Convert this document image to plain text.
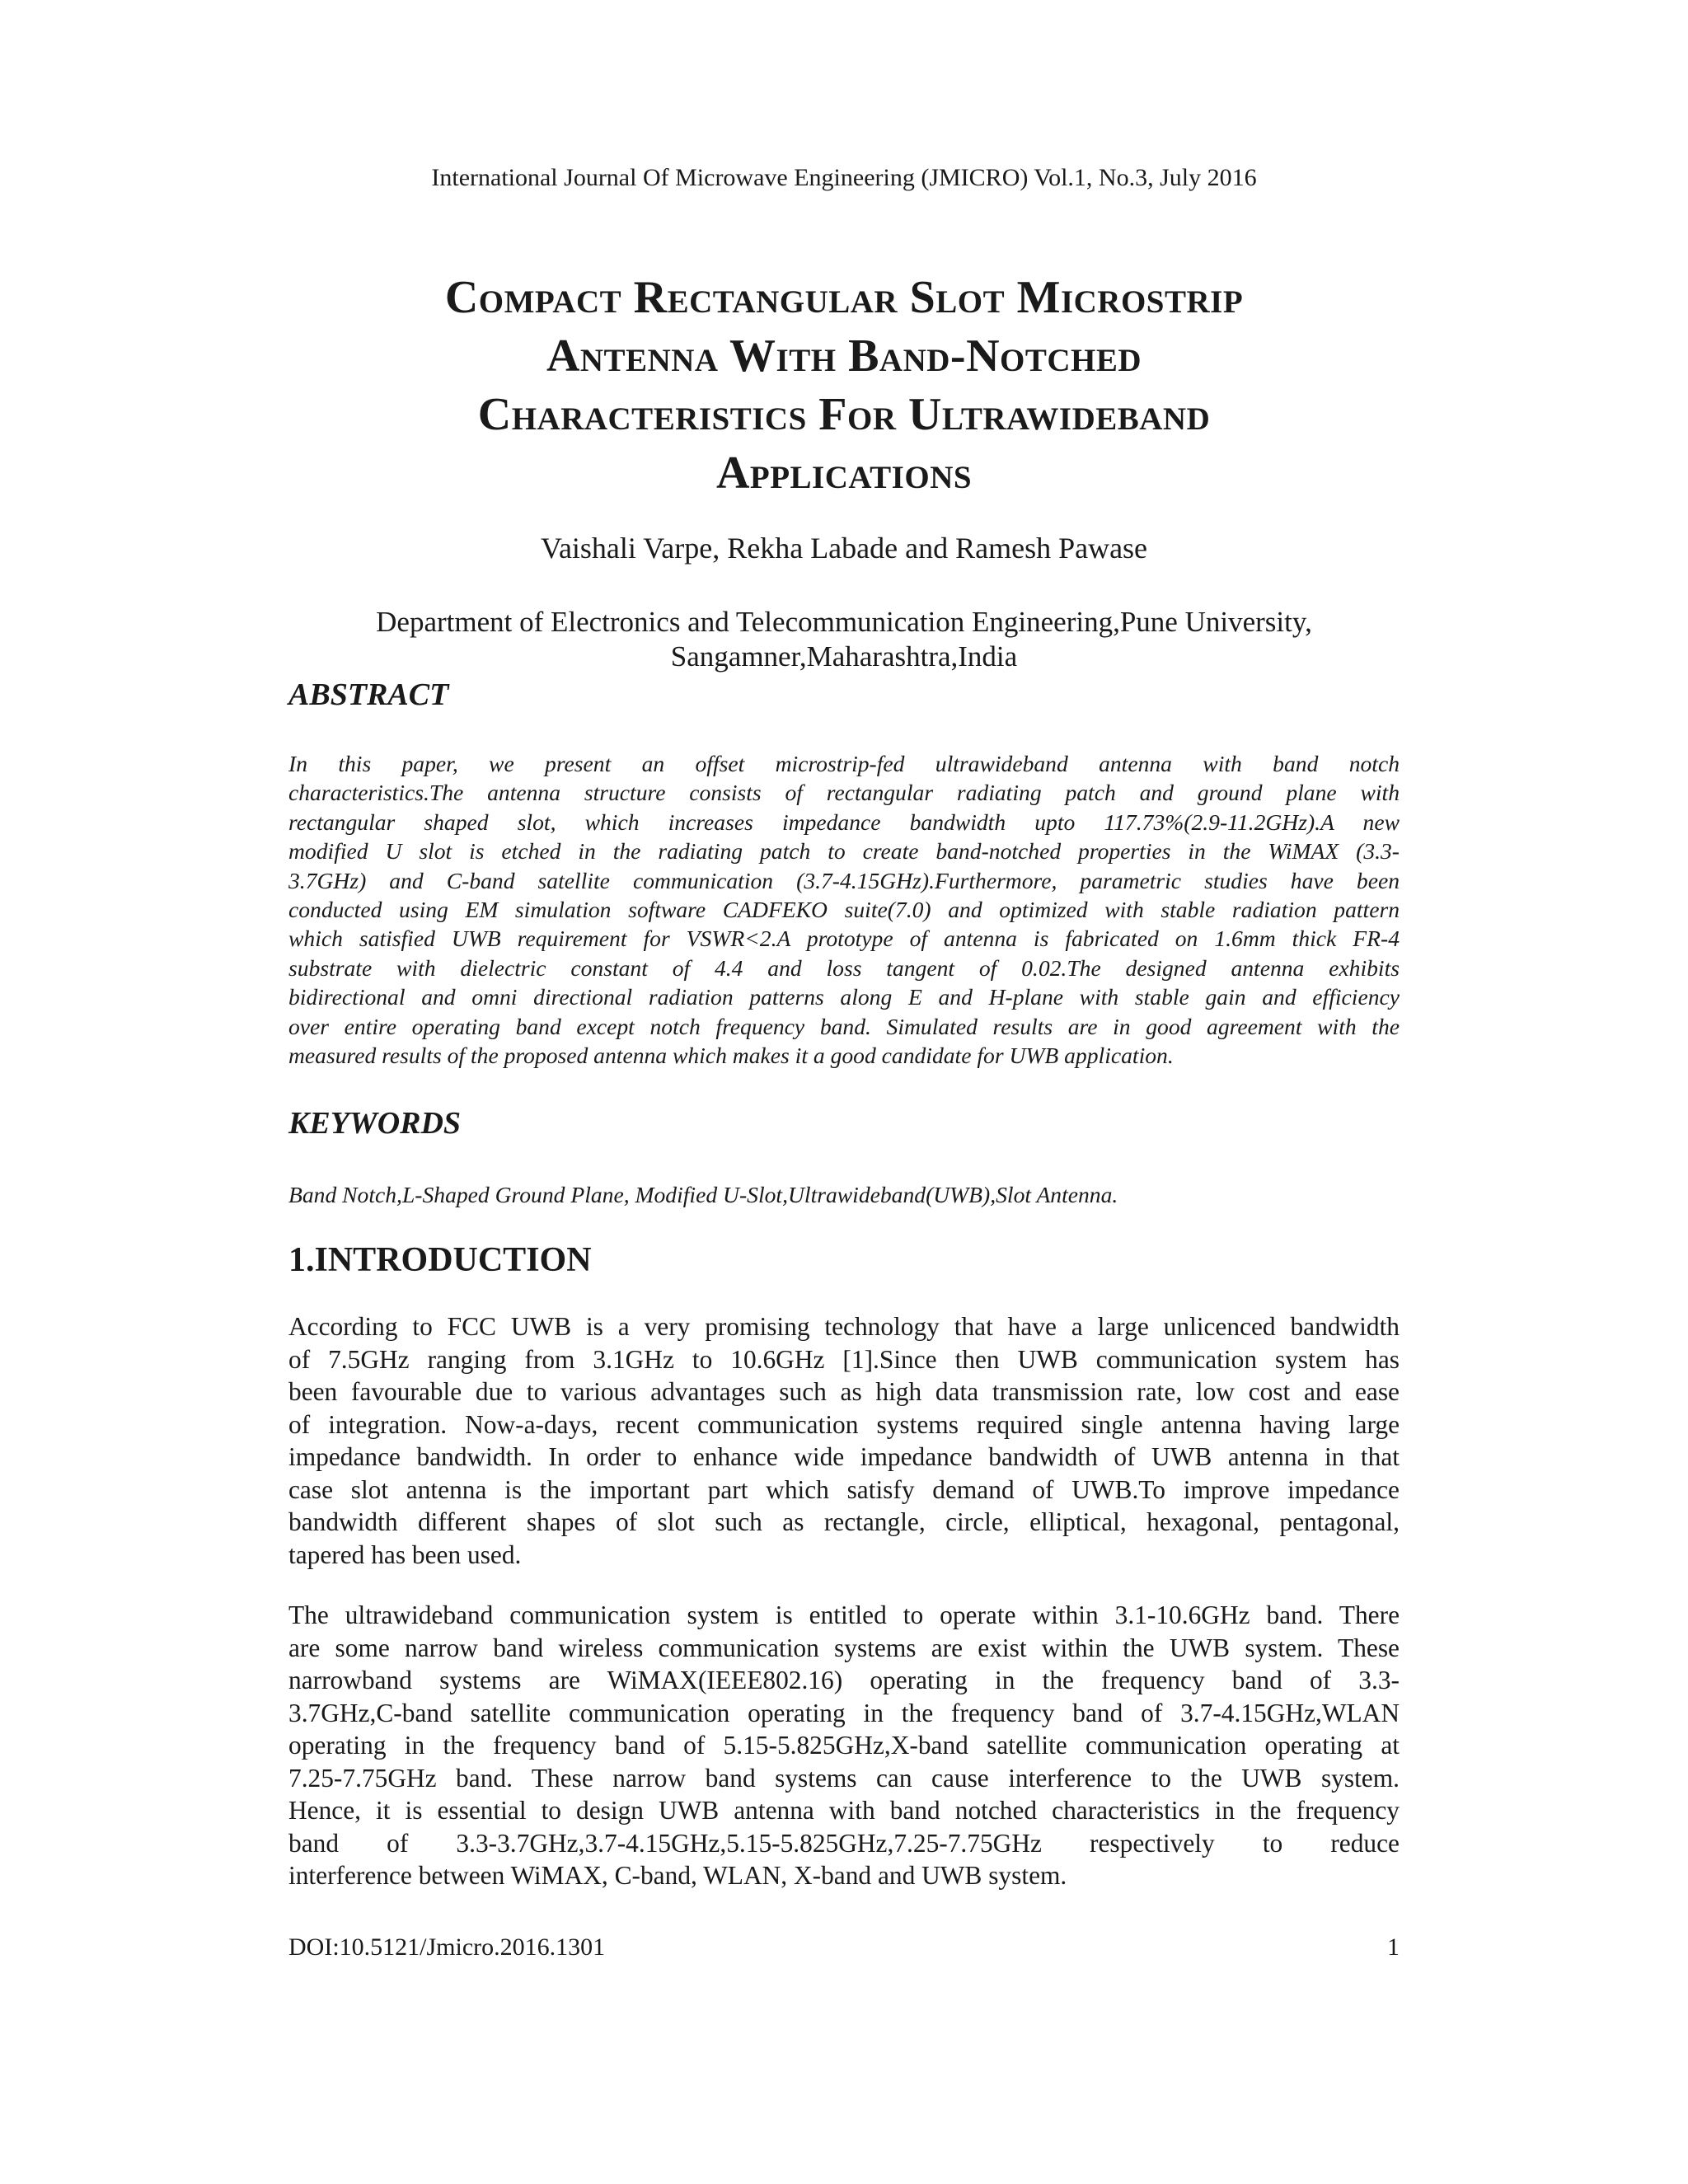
International Journal Of Microwave Engineering (JMICRO) Vol.1, No.3, July 2016
Compact Rectangular Slot Microstrip
Antenna With Band-Notched
Characteristics For Ultrawideband
Applications
Vaishali Varpe, Rekha Labade and Ramesh Pawase
Department of Electronics and Telecommunication Engineering,Pune University,
Sangamner,Maharashtra,India
ABSTRACT
In this paper, we present an offset microstrip-fed ultrawideband antenna with band notch
characteristics.The antenna structure consists of rectangular radiating patch and ground plane with
rectangular shaped slot, which increases impedance bandwidth upto 117.73%(2.9-11.2GHz).A new
modified U slot is etched in the radiating patch to create band-notched properties in the WiMAX (3.3-
3.7GHz) and C-band satellite communication (3.7-4.15GHz).Furthermore, parametric studies have been
conducted using EM simulation software CADFEKO suite(7.0) and optimized with stable radiation pattern
which satisfied UWB requirement for VSWR<2.A prototype of antenna is fabricated on 1.6mm thick FR-4
substrate with dielectric constant of 4.4 and loss tangent of 0.02.The designed antenna exhibits
bidirectional and omni directional radiation patterns along E and H-plane with stable gain and efficiency
over entire operating band except notch frequency band. Simulated results are in good agreement with the
measured results of the proposed antenna which makes it a good candidate for UWB application.
KEYWORDS
Band Notch,L-Shaped Ground Plane, Modified U-Slot,Ultrawideband(UWB),Slot Antenna.
1.INTRODUCTION
According to FCC UWB is a very promising technology that have a large unlicenced bandwidth
of 7.5GHz ranging from 3.1GHz to 10.6GHz [1].Since then UWB communication system has
been favourable due to various advantages such as high data transmission rate, low cost and ease
of integration. Now-a-days, recent communication systems required single antenna having large
impedance bandwidth. In order to enhance wide impedance bandwidth of UWB antenna in that
case slot antenna is the important part which satisfy demand of UWB.To improve impedance
bandwidth different shapes of slot such as rectangle, circle, elliptical, hexagonal, pentagonal,
tapered has been used.
The ultrawideband communication system is entitled to operate within 3.1-10.6GHz band. There
are some narrow band wireless communication systems are exist within the UWB system. These
narrowband systems are WiMAX(IEEE802.16) operating in the frequency band of 3.3-
3.7GHz,C-band satellite communication operating in the frequency band of 3.7-4.15GHz,WLAN
operating in the frequency band of 5.15-5.825GHz,X-band satellite communication operating at
7.25-7.75GHz band. These narrow band systems can cause interference to the UWB system.
Hence, it is essential to design UWB antenna with band notched characteristics in the frequency
band of 3.3-3.7GHz,3.7-4.15GHz,5.15-5.825GHz,7.25-7.75GHz respectively to reduce
interference between WiMAX, C-band, WLAN, X-band and UWB system.
DOI:10.5121/Jmicro.2016.1301	1
